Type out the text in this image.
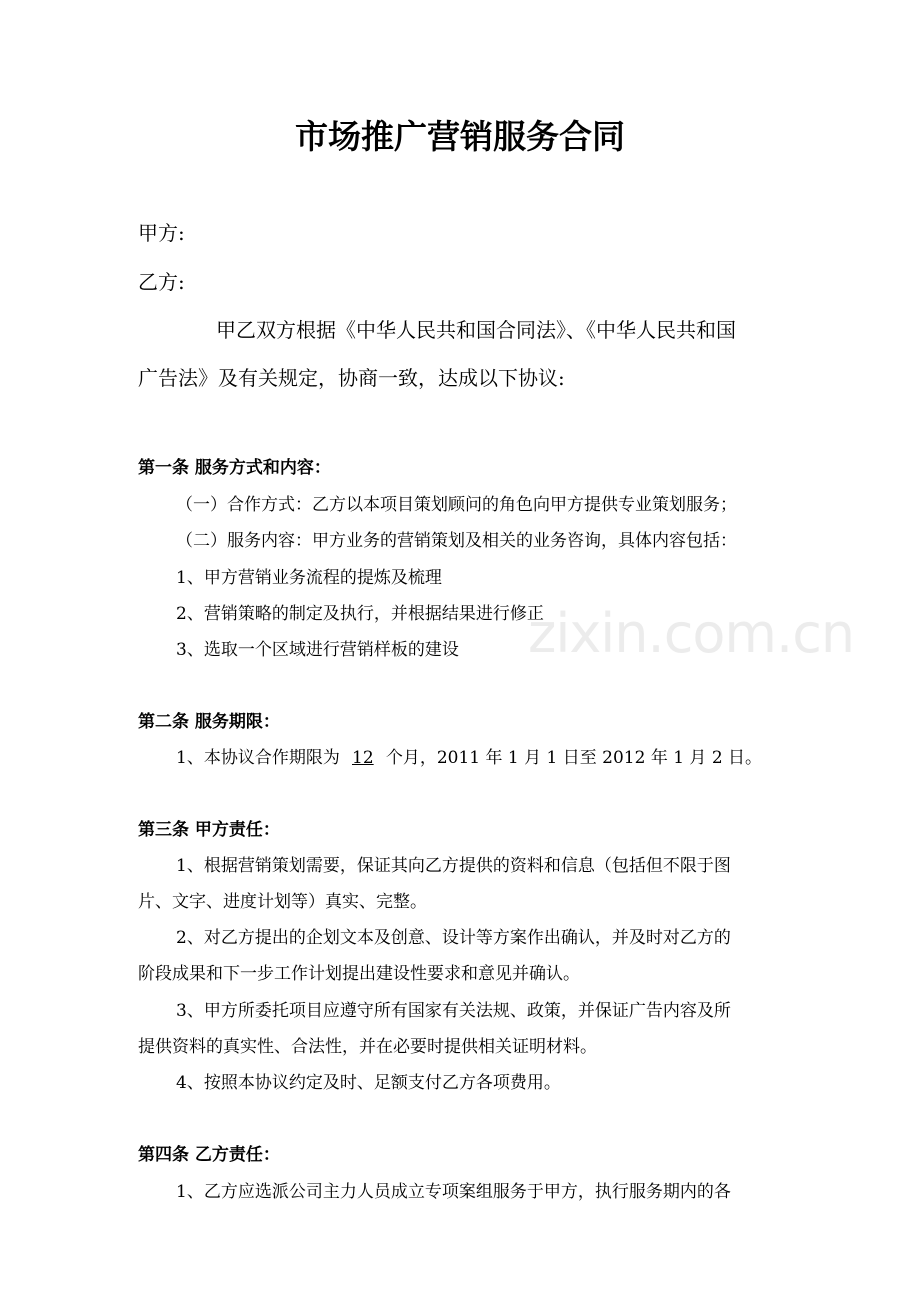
市场推广营销服务合同
甲方:
乙方:
甲乙双方根据《中华人民共和国合同法》、《中华人民共和国
广告法》及有关规定，协商一致，达成以下协议:
第一条 服务方式和内容：
（一）合作方式：乙方以本项目策划顾问的角色向甲方提供专业策划服务；
（二）服务内容：甲方业务的营销策划及相关的业务咨询，具体内容包括：
1、甲方营销业务流程的提炼及梳理
2、营销策略的制定及执行，并根据结果进行修正
3、选取一个区域进行营销样板的建设
第二条 服务期限：
1、本协议合作期限为 12 个月，2011 年 1 月 1 日至 2012 年 1 月 2 日。
第三条 甲方责任：
1、根据营销策划需要，保证其向乙方提供的资料和信息（包括但不限于图
片、文字、进度计划等）真实、完整。
2、对乙方提出的企划文本及创意、设计等方案作出确认，并及时对乙方的
阶段成果和下一步工作计划提出建设性要求和意见并确认。
3、甲方所委托项目应遵守所有国家有关法规、政策，并保证广告内容及所
提供资料的真实性、合法性，并在必要时提供相关证明材料。
4、按照本协议约定及时、足额支付乙方各项费用。
第四条 乙方责任：
1、乙方应选派公司主力人员成立专项案组服务于甲方，执行服务期内的各
zixin.com.cn
